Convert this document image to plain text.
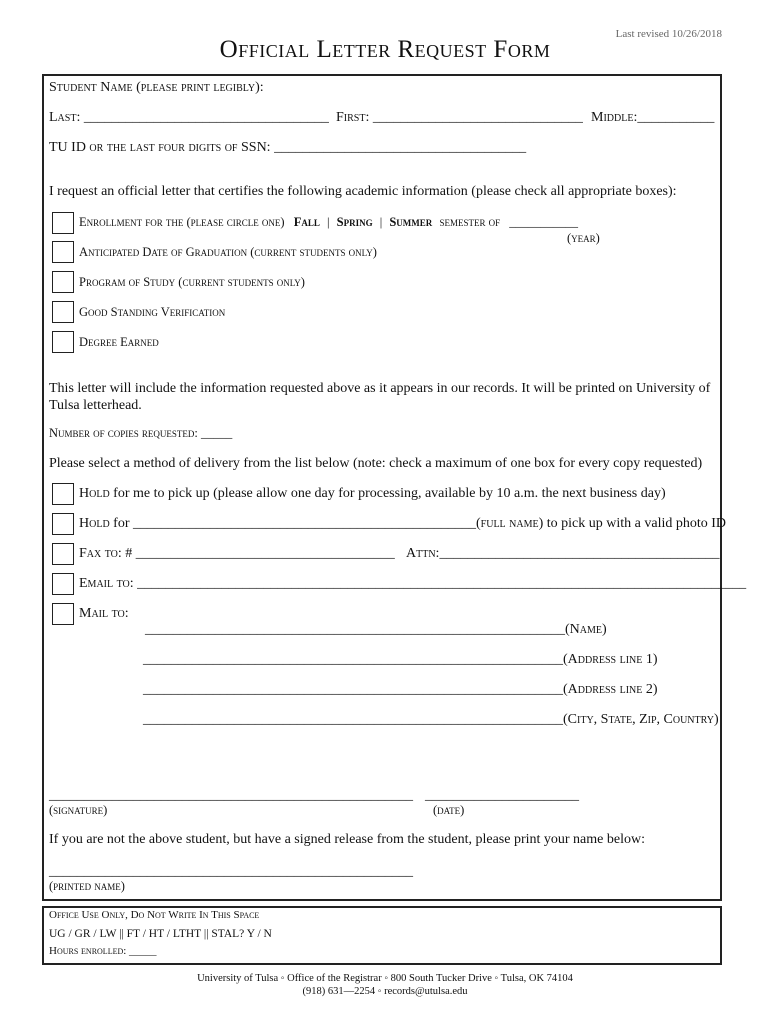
Last revised 10/26/2018
Official Letter Request Form
Student Name (please print legibly):
Last: ___________________________________ First: ______________________________ Middle:___________
TU ID or the last four digits of SSN: ____________________________________
I request an official letter that certifies the following academic information (please check all appropriate boxes):
Enrollment for the (please circle one) Fall | Spring | Summer semester of ___________
(year)
Anticipated Date of Graduation (current students only)
Program of Study (current students only)
Good Standing Verification
Degree Earned
This letter will include the information requested above as it appears in our records. It will be printed on University of Tulsa letterhead.
Number of copies requested: _____
Please select a method of delivery from the list below (note: check a maximum of one box for every copy requested)
Hold for me to pick up (please allow one day for processing, available by 10 a.m. the next business day)
Hold for _________________________________________________(full name) to pick up with a valid photo ID
Fax to: # _____________________________________ Attn:________________________________________
Email to: _______________________________________________________________________________________
Mail to:
____________________________________________________________(Name)
____________________________________________________________(Address line 1)
____________________________________________________________(Address line 2)
____________________________________________________________(City, State, Zip, Country)
____________________________________________________
(signature)
______________________
(date)
If you are not the above student, but have a signed release from the student, please print your name below:
____________________________________________________
(printed name)
Office Use Only, Do Not Write In This Space
UG / GR / LW || FT / HT / LTHT || STAL? Y / N
Hours enrolled: _____
University of Tulsa ◦ Office of the Registrar ◦ 800 South Tucker Drive ◦ Tulsa, OK 74104
(918) 631—2254 ◦ records@utulsa.edu
